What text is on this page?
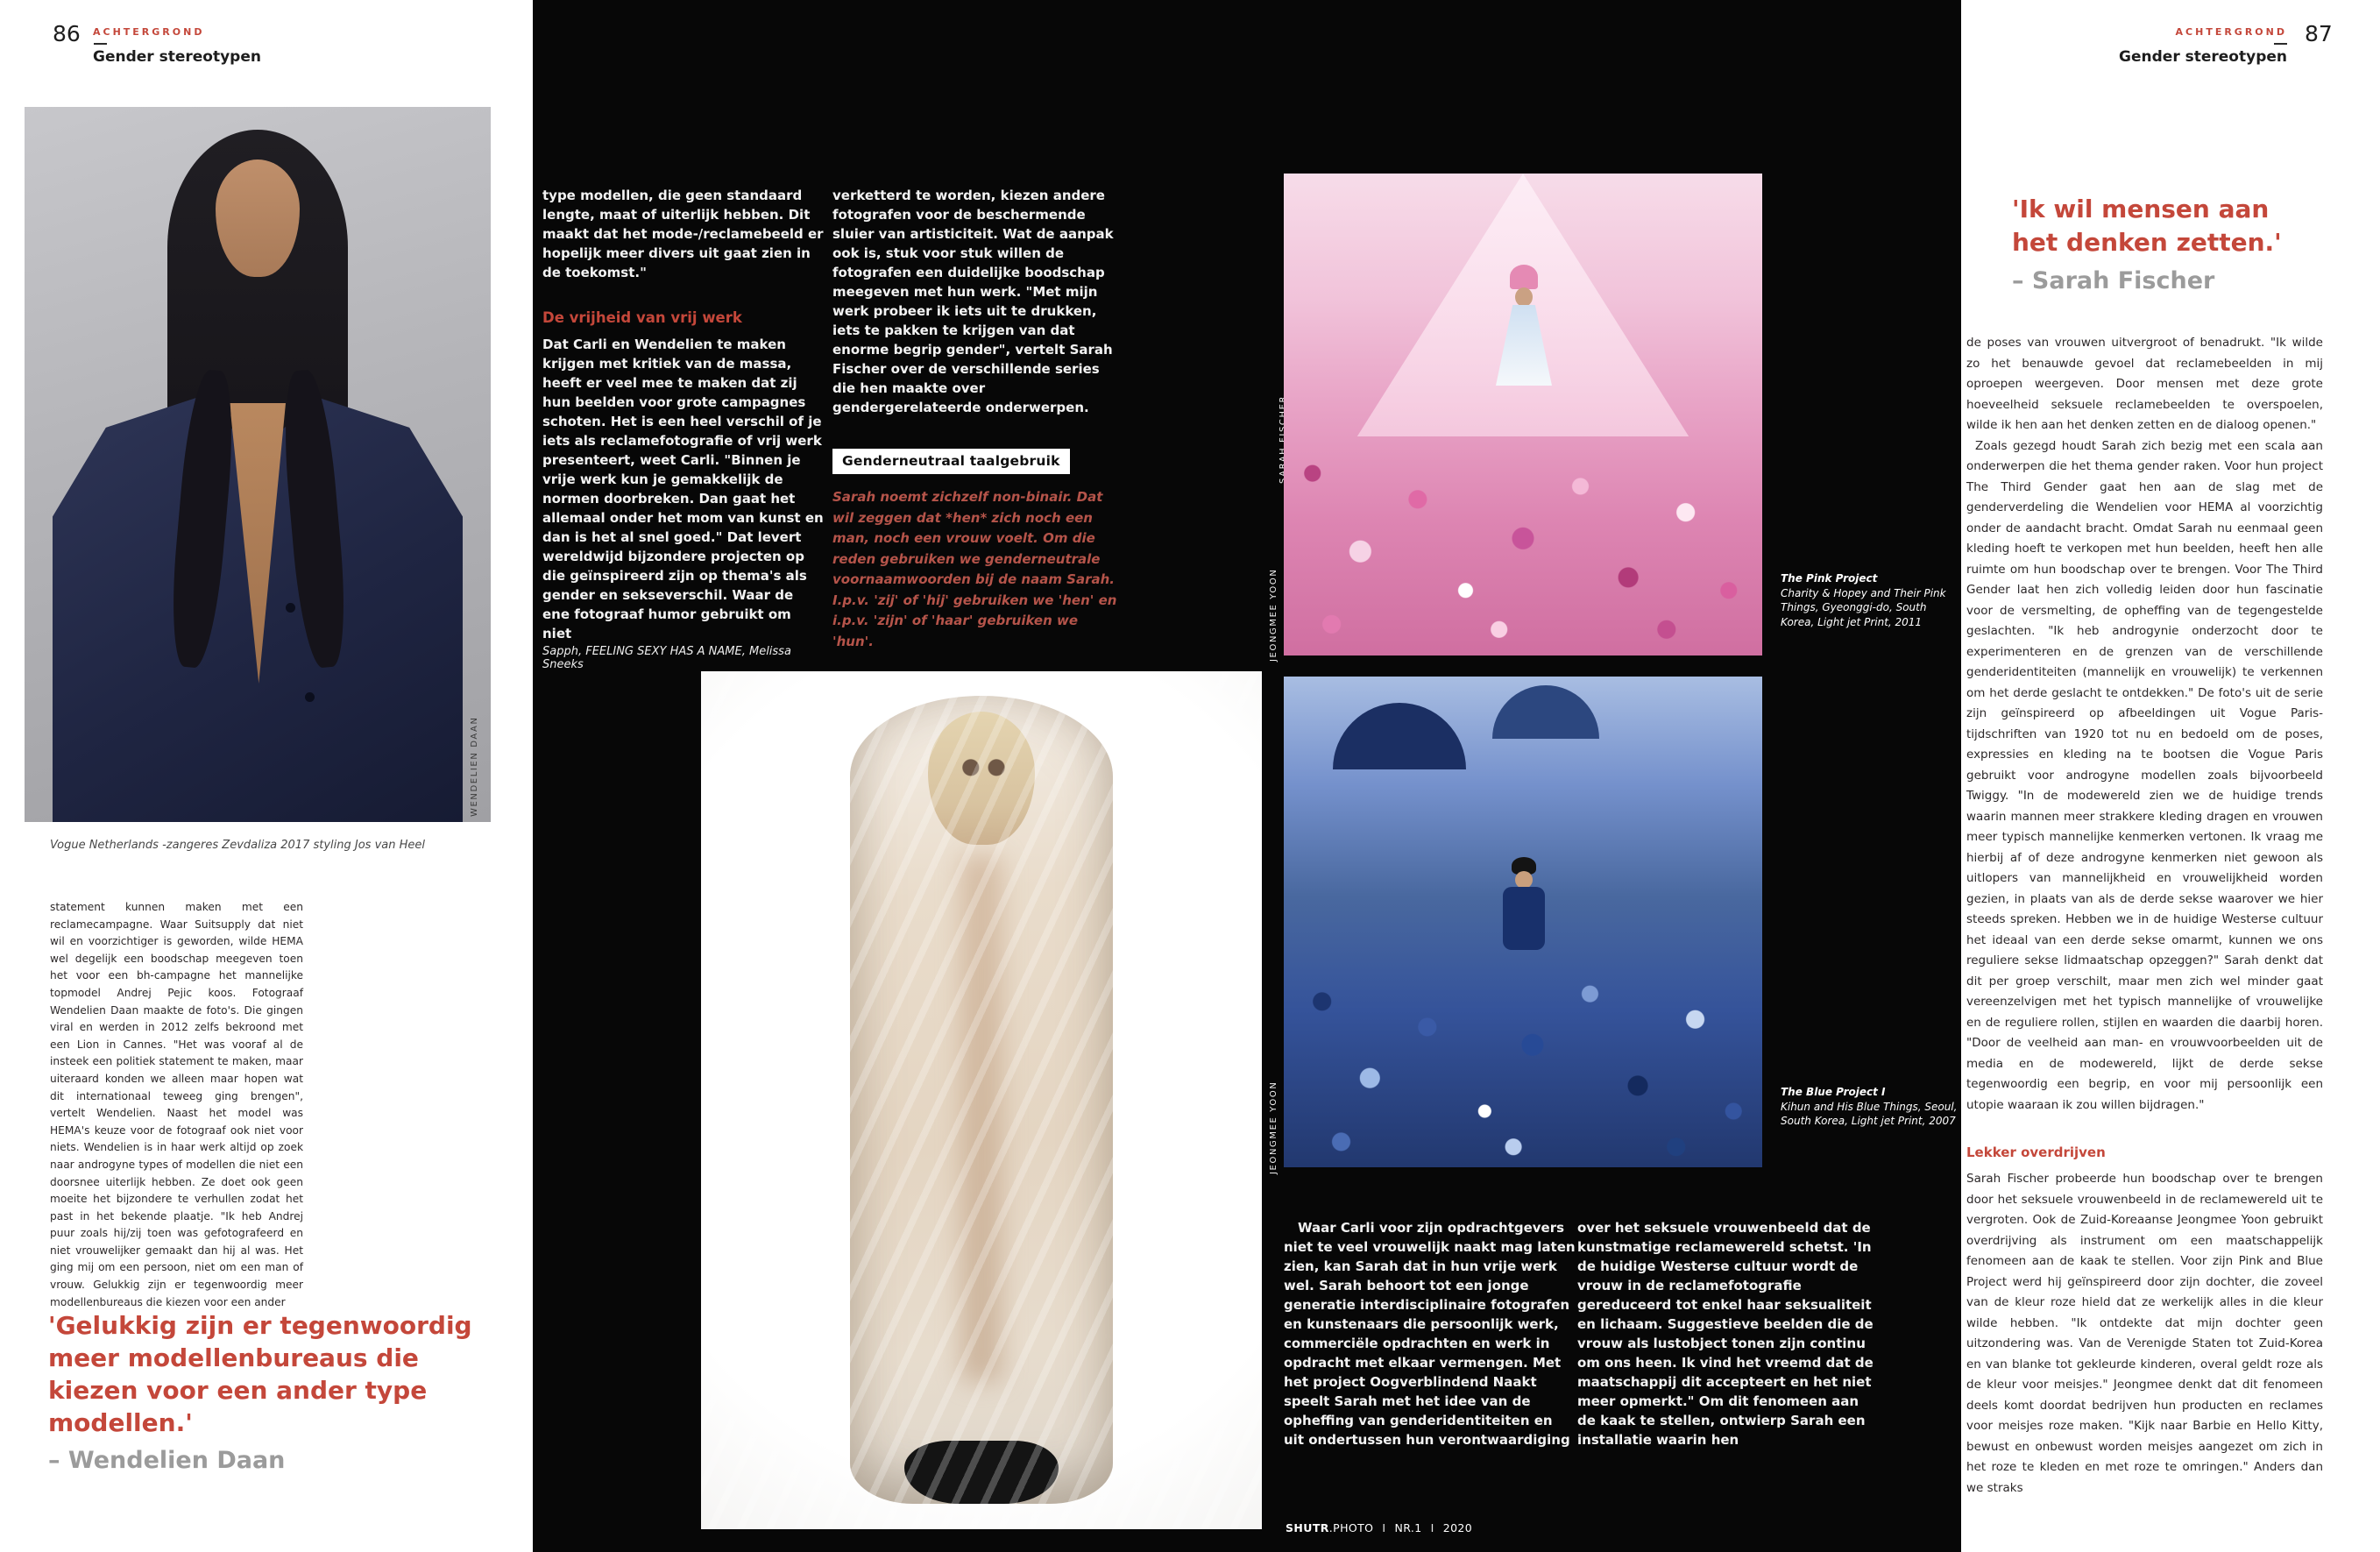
86 ACHTERGROND
Gender stereotypen
WENDELIEN DAAN
Vogue Netherlands -zangeres Zevdaliza 2017 styling Jos van Heel
statement kunnen maken met een reclamecampagne. Waar Suitsupply dat niet wil en voorzichtiger is geworden, wilde HEMA wel degelijk een boodschap meegeven toen het voor een bh-campagne het mannelijke topmodel Andrej Pejic koos. Fotograaf Wendelien Daan maakte de foto's. Die gingen viral en werden in 2012 zelfs bekroond met een Lion in Cannes. "Het was vooraf al de insteek een politiek statement te maken, maar uiteraard konden we alleen maar hopen wat dit internationaal teweeg ging brengen", vertelt Wendelien. Naast het model was HEMA's keuze voor de fotograaf ook niet voor niets. Wendelien is in haar werk altijd op zoek naar androgyne types of modellen die niet een doorsnee uiterlijk hebben. Ze doet ook geen moeite het bijzondere te verhullen zodat het past in het bekende plaatje. "Ik heb Andrej puur zoals hij/zij toen was gefotografeerd en niet vrouwelijker gemaakt dan hij al was. Het ging mij om een persoon, niet om een man of vrouw. Gelukkig zijn er tegenwoordig meer modellenbureaus die kiezen voor een ander
'Gelukkig zijn er tegenwoordig meer modellenbureaus die kiezen voor een ander type modellen.'
– Wendelien Daan

type modellen, die geen standaard lengte, maat of uiterlijk hebben. Dit maakt dat het mode-/reclamebeeld er hopelijk meer divers uit gaat zien in de toekomst."

De vrijheid van vrij werk

Dat Carli en Wendelien te maken krijgen met kritiek van de massa, heeft er veel mee te maken dat zij hun beelden voor grote campagnes schoten. Het is een heel verschil of je iets als reclamefotografie of vrij werk presenteert, weet Carli. "Binnen je vrije werk kun je gemakkelijk de normen doorbreken. Dan gaat het allemaal onder het mom van kunst en dan is het al snel goed." Dat levert wereldwijd bijzondere projecten op die geïnspireerd zijn op thema's als gender en sekseverschil. Waar de ene fotograaf humor gebruikt om niet

Sapph, FEELING SEXY HAS A NAME, Melissa Sneeks

verketterd te worden, kiezen andere fotografen voor de beschermende sluier van artisticiteit. Wat de aanpak ook is, stuk voor stuk willen de fotografen een duidelijke boodschap meegeven met hun werk. "Met mijn werk probeer ik iets uit te drukken, iets te pakken te krijgen van dat enorme begrip gender", vertelt Sarah Fischer over de verschillende series die hen maakte over gendergerelateerde onderwerpen.

Genderneutraal taalgebruik
Sarah noemt zichzelf non-binair. Dat wil zeggen dat *hen* zich noch een man, noch een vrouw voelt. Om die reden gebruiken we genderneutrale voornaamwoorden bij de naam Sarah. I.p.v. 'zij' of 'hij' gebruiken we 'hen' en i.p.v. 'zijn' of 'haar' gebruiken we 'hun'.	JEONGMEE YOON
JEONGMEE YOON
The Pink Project
Charity & Hopey and Their Pink Things, Gyeonggi-do, South Korea, Light jet Print, 2011
The Blue Project I
Kihun and His Blue Things, Seoul, South Korea, Light jet Print, 2007
Waar Carli voor zijn opdrachtgevers niet te veel vrouwelijk naakt mag laten zien, kan Sarah dat in hun vrije werk wel. Sarah behoort tot een jonge generatie interdisciplinaire fotografen en kunstenaars die persoonlijk werk, commerciële opdrachten en werk in opdracht met elkaar vermengen. Met het project Oogverblindend Naakt speelt Sarah met het idee van de opheffing van genderidentiteiten en uit ondertussen hun verontwaardiging
over het seksuele vrouwenbeeld dat de kunstmatige reclamewereld schetst. 'In de huidige Westerse cultuur wordt de vrouw in de reclamefotografie gereduceerd tot enkel haar seksualiteit en lichaam. Suggestieve beelden die de vrouw als lustobject tonen zijn continu om ons heen. Ik vind het vreemd dat de maatschappij dit accepteert en het niet meer opmerkt." Om dit fenomeen aan de kaak te stellen, ontwierp Sarah een installatie waarin hen
SHUTR.PHOTO I NR.1 I 2020
ACHTERGROND
Gender stereotypen
87
'Ik wil mensen aan het denken zetten.'
– Sarah Fischer

de poses van vrouwen uitvergroot of benadrukt. "Ik wilde zo het benauwde gevoel dat reclamebeelden in mij oproepen weergeven. Door mensen met deze grote hoeveelheid seksuele reclamebeelden te overspoelen, wilde ik hen aan het denken zetten en de dialoog openen."

Zoals gezegd houdt Sarah zich bezig met een scala aan onderwerpen die het thema gender raken. Voor hun project The Third Gender gaat hen aan de slag met de genderverdeling die Wendelien voor HEMA al voorzichtig onder de aandacht bracht. Omdat Sarah nu eenmaal geen kleding hoeft te verkopen met hun beelden, heeft hen alle ruimte om hun boodschap over te brengen. Voor The Third Gender laat hen zich volledig leiden door hun fascinatie voor de versmelting, de opheffing van de tegengestelde geslachten. "Ik heb androgynie onderzocht door te experimenteren en de grenzen van de verschillende genderidentiteiten (mannelijk en vrouwelijk) te verkennen om het derde geslacht te ontdekken." De foto's uit de serie zijn geïnspireerd op afbeeldingen uit Vogue Paris-tijdschriften van 1920 tot nu en bedoeld om de poses, expressies en kleding na te bootsen die Vogue Paris gebruikt voor androgyne modellen zoals bijvoorbeeld Twiggy. "In de modewereld zien we de huidige trends waarin mannen meer strakkere kleding dragen en vrouwen meer typisch mannelijke kenmerken vertonen. Ik vraag me hierbij af of deze androgyne kenmerken niet gewoon als uitlopers van mannelijkheid en vrouwelijkheid worden gezien, in plaats van als de derde sekse waarover we hier steeds spreken. Hebben we in de huidige Westerse cultuur het ideaal van een derde sekse omarmt, kunnen we ons reguliere sekse lidmaatschap opzeggen?" Sarah denkt dat dit per groep verschilt, maar men zich wel minder gaat vereenzelvigen met het typisch mannelijke of vrouwelijke en de reguliere rollen, stijlen en waarden die daarbij horen. "Door de veelheid aan man- en vrouwvoorbeelden uit de media en de modewereld, lijkt de derde sekse tegenwoordig een begrip, en voor mij persoonlijk een utopie waaraan ik zou willen bijdragen."

Lekker overdrijven
Sarah Fischer probeerde hun boodschap over te brengen door het seksuele vrouwenbeeld in de reclamewereld uit te vergroten. Ook de Zuid-Koreaanse Jeongmee Yoon gebruikt overdrijving als instrument om een maatschappelijk fenomeen aan de kaak te stellen. Voor zijn Pink and Blue Project werd hij geïnspireerd door zijn dochter, die zoveel van de kleur roze hield dat ze werkelijk alles in die kleur wilde hebben. "Ik ontdekte dat mijn dochter geen uitzondering was. Van de Verenigde Staten tot Zuid-Korea en van blanke tot gekleurde kinderen, overal geldt roze als de kleur voor meisjes." Jeongmee denkt dat dit fenomeen deels komt doordat bedrijven hun producten en reclames voor meisjes roze maken. "Kijk naar Barbie en Hello Kitty, bewust en onbewust worden meisjes aangezet om zich in het roze te kleden en met roze te omringen." Anders dan we straks
